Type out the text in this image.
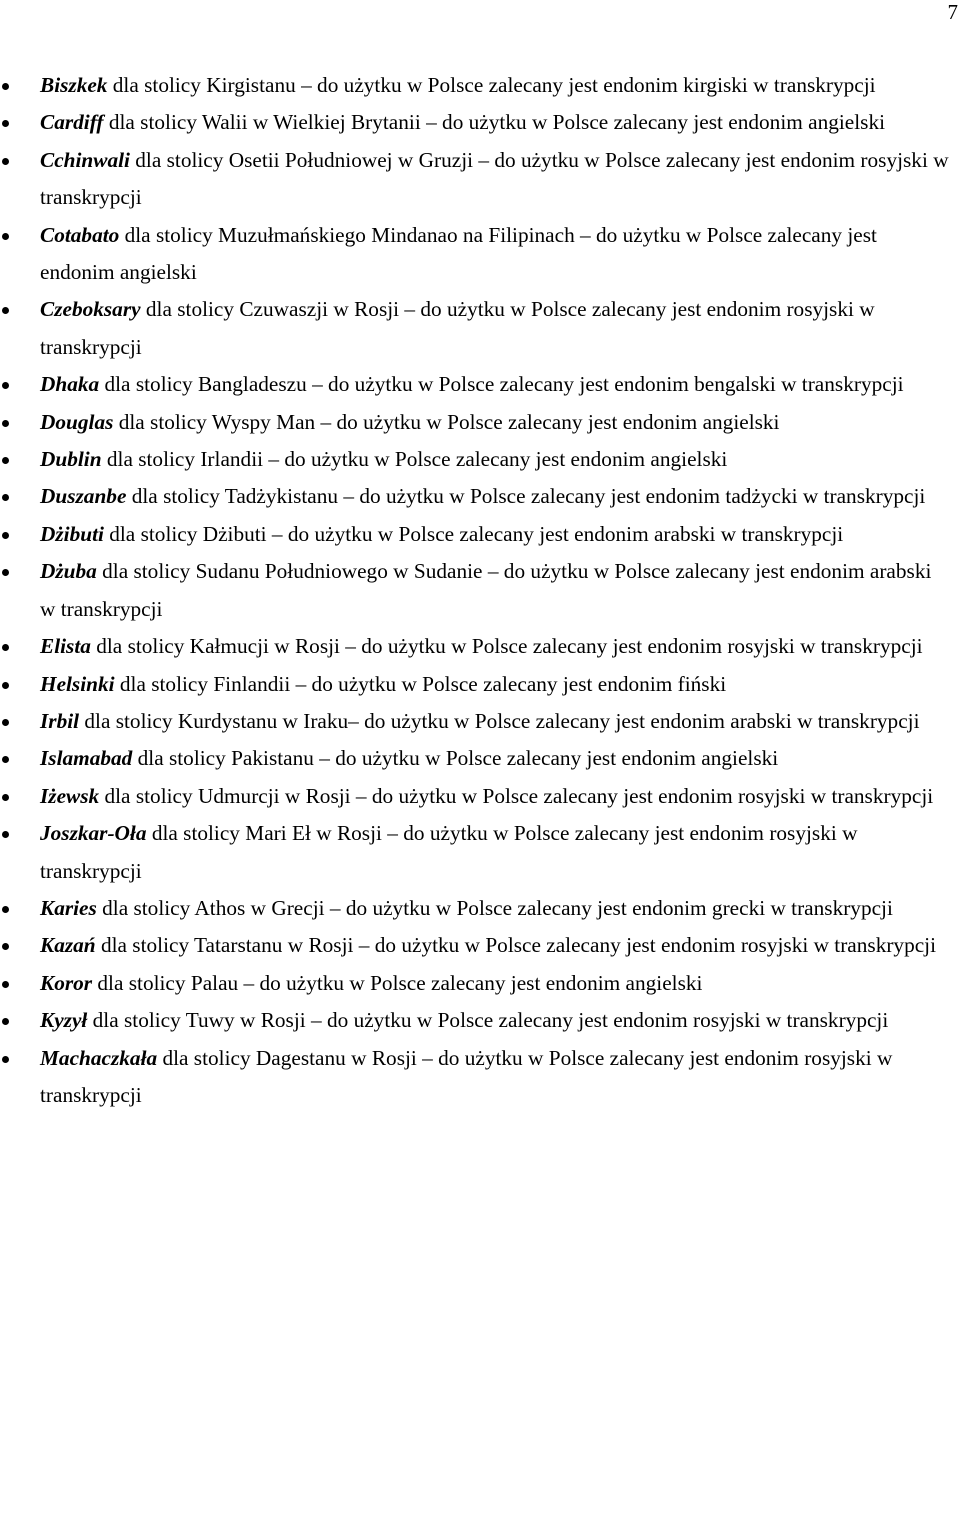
7
Biszkek dla stolicy Kirgistanu – do użytku w Polsce zalecany jest endonim kirgiski w transkrypcji
Cardiff dla stolicy Walii w Wielkiej Brytanii – do użytku w Polsce zalecany jest endonim angielski
Cchinwali dla stolicy Osetii Południowej w Gruzji – do użytku w Polsce zalecany jest endonim rosyjski w transkrypcji
Cotabato dla stolicy Muzułmańskiego Mindanao na Filipinach – do użytku w Polsce zalecany jest endonim angielski
Czeboksary dla stolicy Czuwaszji w Rosji – do użytku w Polsce zalecany jest endonim rosyjski w transkrypcji
Dhaka dla stolicy Bangladeszu – do użytku w Polsce zalecany jest endonim bengalski w transkrypcji
Douglas dla stolicy Wyspy Man – do użytku w Polsce zalecany jest endonim angielski
Dublin dla stolicy Irlandii – do użytku w Polsce zalecany jest endonim angielski
Duszanbe dla stolicy Tadżykistanu – do użytku w Polsce zalecany jest endonim tadżycki w transkrypcji
Dżibuti dla stolicy Dżibuti – do użytku w Polsce zalecany jest endonim arabski w transkrypcji
Dżuba dla stolicy Sudanu Południowego w Sudanie – do użytku w Polsce zalecany jest endonim arabski w transkrypcji
Elista dla stolicy Kałmucji w Rosji – do użytku w Polsce zalecany jest endonim rosyjski w transkrypcji
Helsinki dla stolicy Finlandii – do użytku w Polsce zalecany jest endonim fiński
Irbil dla stolicy Kurdystanu w Iraku– do użytku w Polsce zalecany jest endonim arabski w transkrypcji
Islamabad dla stolicy Pakistanu – do użytku w Polsce zalecany jest endonim angielski
Iżewsk dla stolicy Udmurcji w Rosji – do użytku w Polsce zalecany jest endonim rosyjski w transkrypcji
Joszkar-Oła dla stolicy Mari Eł w Rosji – do użytku w Polsce zalecany jest endonim rosyjski w transkrypcji
Karies dla stolicy Athos w Grecji – do użytku w Polsce zalecany jest endonim grecki w transkrypcji
Kazań dla stolicy Tatarstanu w Rosji – do użytku w Polsce zalecany jest endonim rosyjski w transkrypcji
Koror dla stolicy Palau – do użytku w Polsce zalecany jest endonim angielski
Kyzył dla stolicy Tuwy w Rosji – do użytku w Polsce zalecany jest endonim rosyjski w transkrypcji
Machaczkała dla stolicy Dagestanu w Rosji – do użytku w Polsce zalecany jest endonim rosyjski w transkrypcji
